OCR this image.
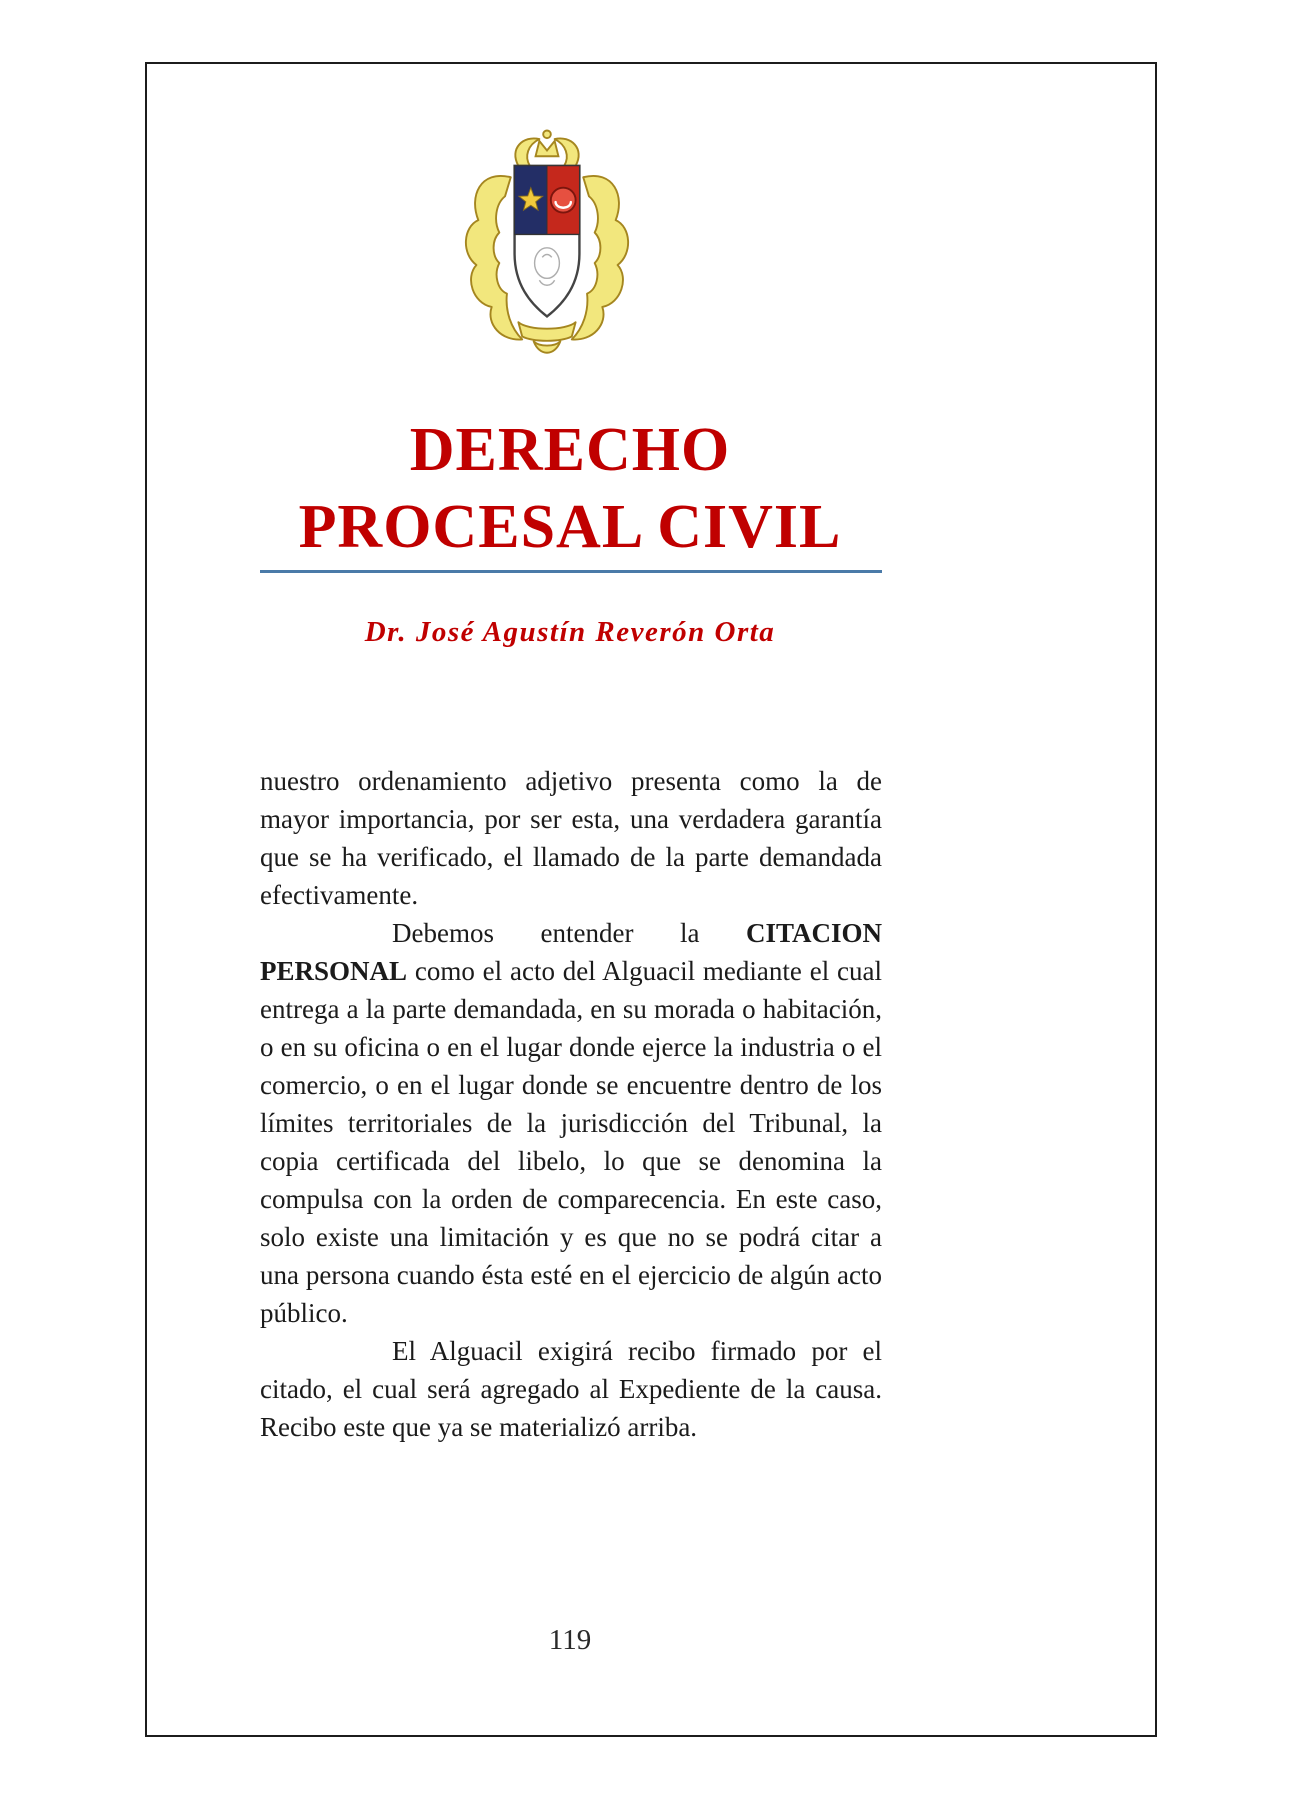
DERECHO
PROCESAL CIVIL
Dr. José Agustín Reverón Orta

nuestro ordenamiento adjetivo presenta como la de mayor importancia, por ser esta, una verdadera garantía que se ha verificado, el llamado de la parte demandada efectivamente.

Debemos entender la CITACION PERSONAL como el acto del Alguacil mediante el cual entrega a la parte demandada, en su morada o habitación, o en su oficina o en el lugar donde ejerce la industria o el comercio, o en el lugar donde se encuentre dentro de los límites territoriales de la jurisdicción del Tribunal, la copia certificada del libelo, lo que se denomina la compulsa con la orden de comparecencia. En este caso, solo existe una limitación y es que no se podrá citar a una persona cuando ésta esté en el ejercicio de algún acto público.

El Alguacil exigirá recibo firmado por el citado, el cual será agregado al Expediente de la causa. Recibo este que ya se materializó arriba.

119
